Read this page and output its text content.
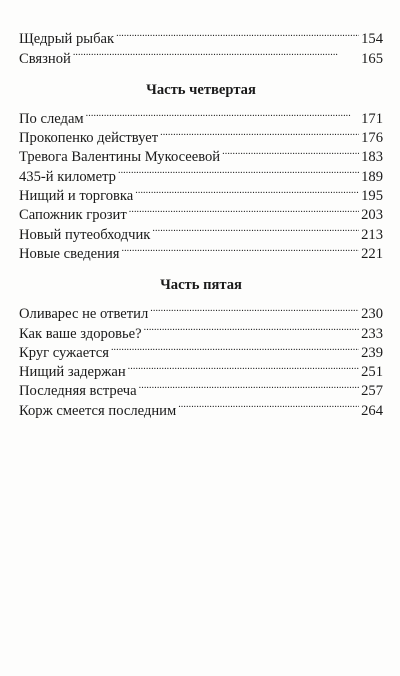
Щедрый рыбак . . .	154
Связной . . .	165
Часть четвертая
По следам . . .	171
Прокопенко действует . . .	176
Тревога Валентины Мукосеевой . . .	183
435-й километр . . .	189
Нищий и торговка . . .	195
Сапожник грозит . . .	203
Новый путеобходчик . . .	213
Новые сведения . . .	221
Часть пятая
Оливарес не ответил . . .	230
Как ваше здоровье? . . .	233
Круг сужается . . .	239
Нищий задержан . . .	251
Последняя встреча . . .	257
Корж смеется последним . . .	264
